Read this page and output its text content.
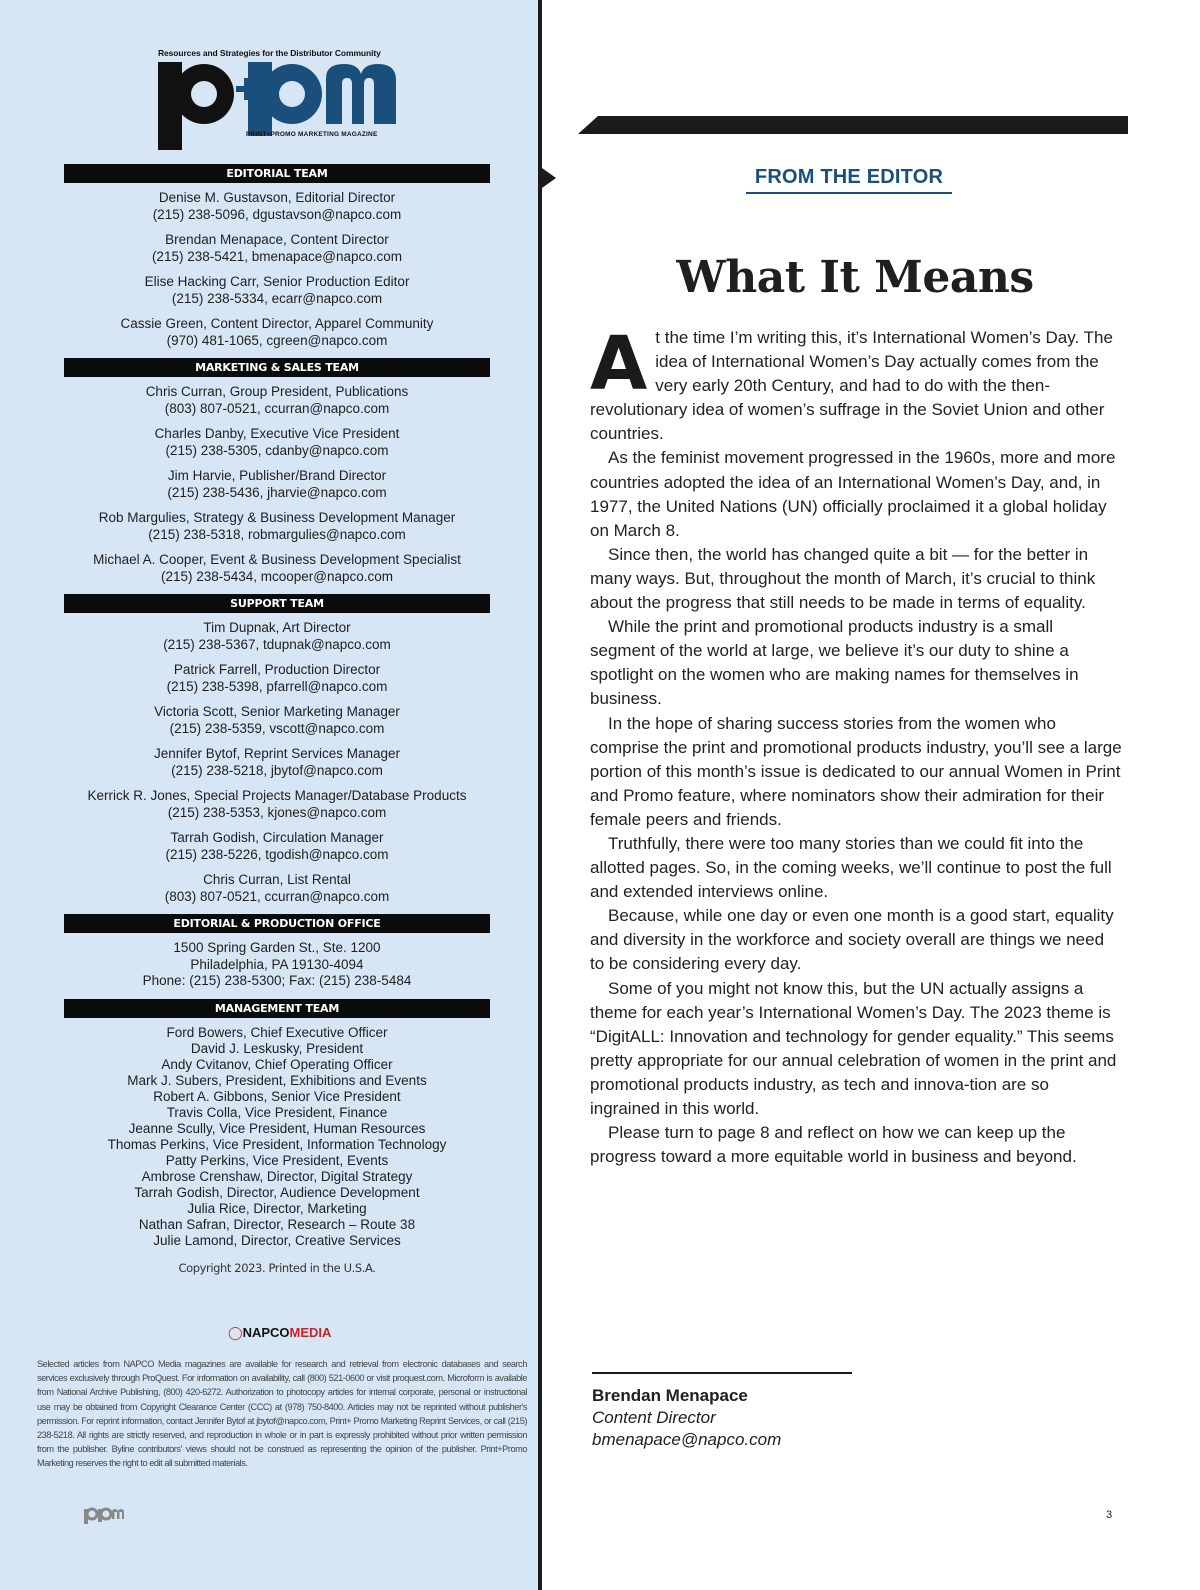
Resources and Strategies for the Distributor Community
PRINT+PROMO MARKETING MAGAZINE
EDITORIAL TEAM
Denise M. Gustavson, Editorial Director
(215) 238-5096, dgustavson@napco.com
Brendan Menapace, Content Director
(215) 238-5421, bmenapace@napco.com
Elise Hacking Carr, Senior Production Editor
(215) 238-5334, ecarr@napco.com
Cassie Green, Content Director, Apparel Community
(970) 481-1065, cgreen@napco.com
MARKETING & SALES TEAM
Chris Curran, Group President, Publications
(803) 807-0521, ccurran@napco.com
Charles Danby, Executive Vice President
(215) 238-5305, cdanby@napco.com
Jim Harvie, Publisher/Brand Director
(215) 238-5436, jharvie@napco.com
Rob Margulies, Strategy & Business Development Manager
(215) 238-5318, robmargulies@napco.com
Michael A. Cooper, Event & Business Development Specialist
(215) 238-5434, mcooper@napco.com
SUPPORT TEAM
Tim Dupnak, Art Director
(215) 238-5367, tdupnak@napco.com
Patrick Farrell, Production Director
(215) 238-5398, pfarrell@napco.com
Victoria Scott, Senior Marketing Manager
(215) 238-5359, vscott@napco.com
Jennifer Bytof, Reprint Services Manager
(215) 238-5218, jbytof@napco.com
Kerrick R. Jones, Special Projects Manager/Database Products
(215) 238-5353, kjones@napco.com
Tarrah Godish, Circulation Manager
(215) 238-5226, tgodish@napco.com
Chris Curran, List Rental
(803) 807-0521, ccurran@napco.com
EDITORIAL & PRODUCTION OFFICE
1500 Spring Garden St., Ste. 1200
Philadelphia, PA 19130-4094
Phone: (215) 238-5300; Fax: (215) 238-5484
MANAGEMENT TEAM
Ford Bowers, Chief Executive Officer
David J. Leskusky, President
Andy Cvitanov, Chief Operating Officer
Mark J. Subers, President, Exhibitions and Events
Robert A. Gibbons, Senior Vice President
Travis Colla, Vice President, Finance
Jeanne Scully, Vice President, Human Resources
Thomas Perkins, Vice President, Information Technology
Patty Perkins, Vice President, Events
Ambrose Crenshaw, Director, Digital Strategy
Tarrah Godish, Director, Audience Development
Julia Rice, Director, Marketing
Nathan Safran, Director, Research – Route 38
Julie Lamond, Director, Creative Services
Copyright 2023. Printed in the U.S.A.
◯NAPCOMEDIA
Selected articles from NAPCO Media magazines are available for research and retrieval from electronic databases and search services exclusively through ProQuest. For information on availability, call (800) 521-0600 or visit proquest.com. Microform is available from National Archive Publishing, (800) 420-6272. Authorization to photocopy articles for internal corporate, personal or instructional use may be obtained from Copyright Clearance Center (CCC) at (978) 750-8400. Articles may not be reprinted without publisher's permission. For reprint information, contact Jennifer Bytof at jbytof@napco.com, Print+ Promo Marketing Reprint Services, or call (215) 238-5218. All rights are strictly reserved, and reproduction in whole or in part is expressly prohibited without prior written permission from the publisher. Byline contributors' views should not be construed as representing the opinion of the publisher. Print+Promo Marketing reserves the right to edit all submitted materials.
FROM THE EDITOR
What It Means

At the time I’m writing this, it’s International Women’s Day. The idea of International Women’s Day actually comes from the very early 20th Century, and had to do with the then-revolutionary idea of women’s suffrage in the Soviet Union and other countries.

As the feminist movement progressed in the 1960s, more and more countries adopted the idea of an International Women’s Day, and, in 1977, the United Nations (UN) officially proclaimed it a global holiday on March 8.

Since then, the world has changed quite a bit — for the better in many ways. But, throughout the month of March, it’s crucial to think about the progress that still needs to be made in terms of equality.

While the print and promotional products industry is a small segment of the world at large, we believe it’s our duty to shine a spotlight on the women who are making names for themselves in business.

In the hope of sharing success stories from the women who comprise the print and promotional products industry, you’ll see a large portion of this month’s issue is dedicated to our annual Women in Print and Promo feature, where nominators show their admiration for their female peers and friends.

Truthfully, there were too many stories than we could fit into the allotted pages. So, in the coming weeks, we’ll continue to post the full and extended interviews online.

Because, while one day or even one month is a good start, equality and diversity in the workforce and society overall are things we need to be considering every day.

Some of you might not know this, but the UN actually assigns a theme for each year’s International Women’s Day. The 2023 theme is “DigitALL: Innovation and technology for gender equality.” This seems pretty appropriate for our annual celebration of women in the print and promotional products industry, as tech and innova-tion are so ingrained in this world.

Please turn to page 8 and reflect on how we can keep up the progress toward a more equitable world in business and beyond.

Brendan Menapace
Content Director
bmenapace@napco.com
3
